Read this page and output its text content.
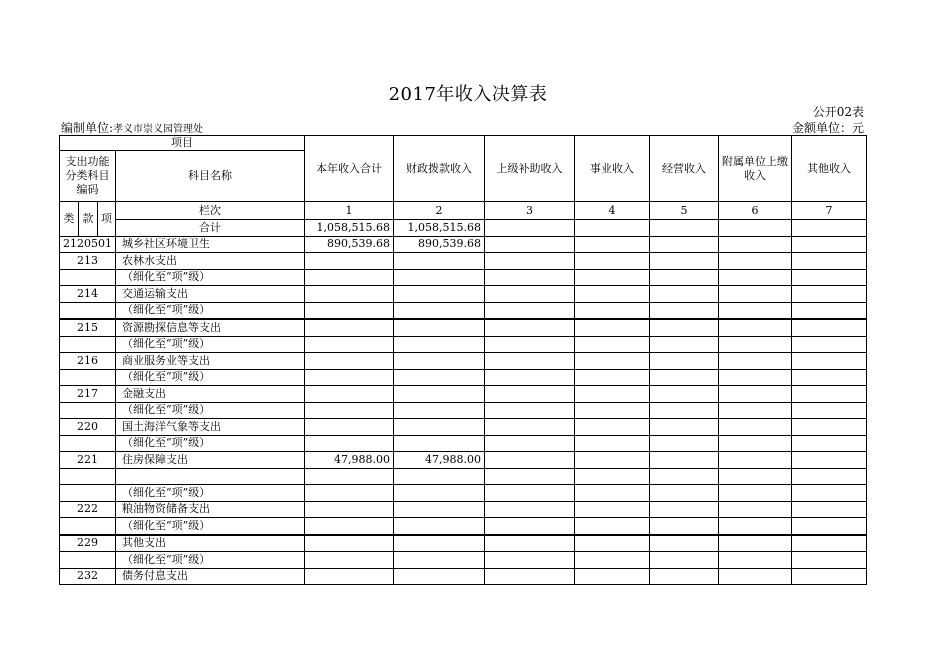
2017年收入决算表
公开02表
编制单位:孝义市崇义园管理处	金额单位：元
项目				本年收入合计	财政拨款收入	上级补助收入	事业收入	经营收入	附属单位上缴收入	其他收入
支出功能分类科目编码			科目名称							
类	款	项	栏次	1	2	3	4	5	6	7
			合计	1,058,515.68	1,058,515.68					
2120501			城乡社区环境卫生	890,539.68	890,539.68					
213			农林水支出							
			（细化至“项”级）							
214			交通运输支出							
			（细化至“项”级）							
215			资源勘探信息等支出							
			（细化至“项”级）							
216			商业服务业等支出							
			（细化至“项”级）							
217			金融支出							
			（细化至“项”级）							
220			国土海洋气象等支出							
			（细化至“项”级）							
221			住房保障支出	47,988.00	47,988.00					

			（细化至“项”级）							
222			粮油物资储备支出							
			（细化至“项”级）							
229			其他支出							
			（细化至“项”级）							
232			债务付息支出							
